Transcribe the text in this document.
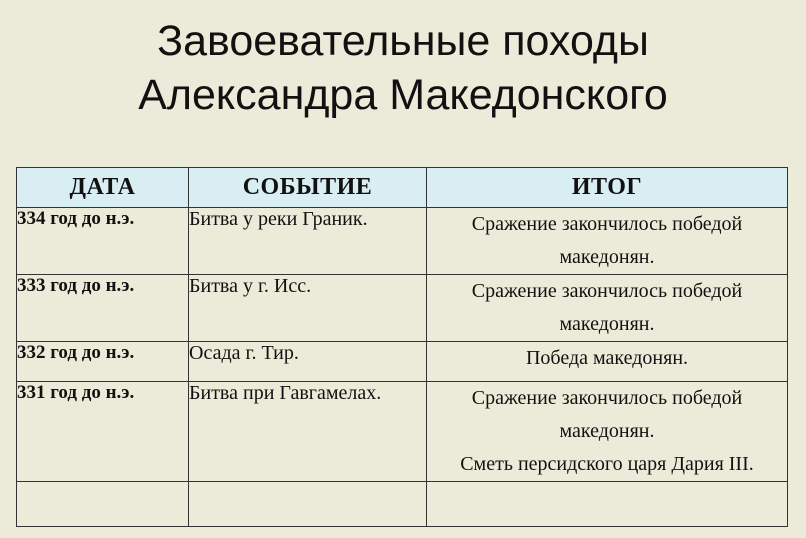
Завоевательные походы
Александра Македонского
ДАТА	СОБЫТИЕ	ИТОГ
334 год до н.э.	Битва у реки Граник.	Сражение закончилось победой
македонян.

333 год до н.э.	Битва у г. Исс.	Сражение закончилось победой
македонян.

332 год до н.э.	Осада г. Тир.	Победа македонян.

331 год до н.э.	Битва при Гавгамелах.	Сражение закончилось победой
македонян.
Сметь персидского царя Дария III.
